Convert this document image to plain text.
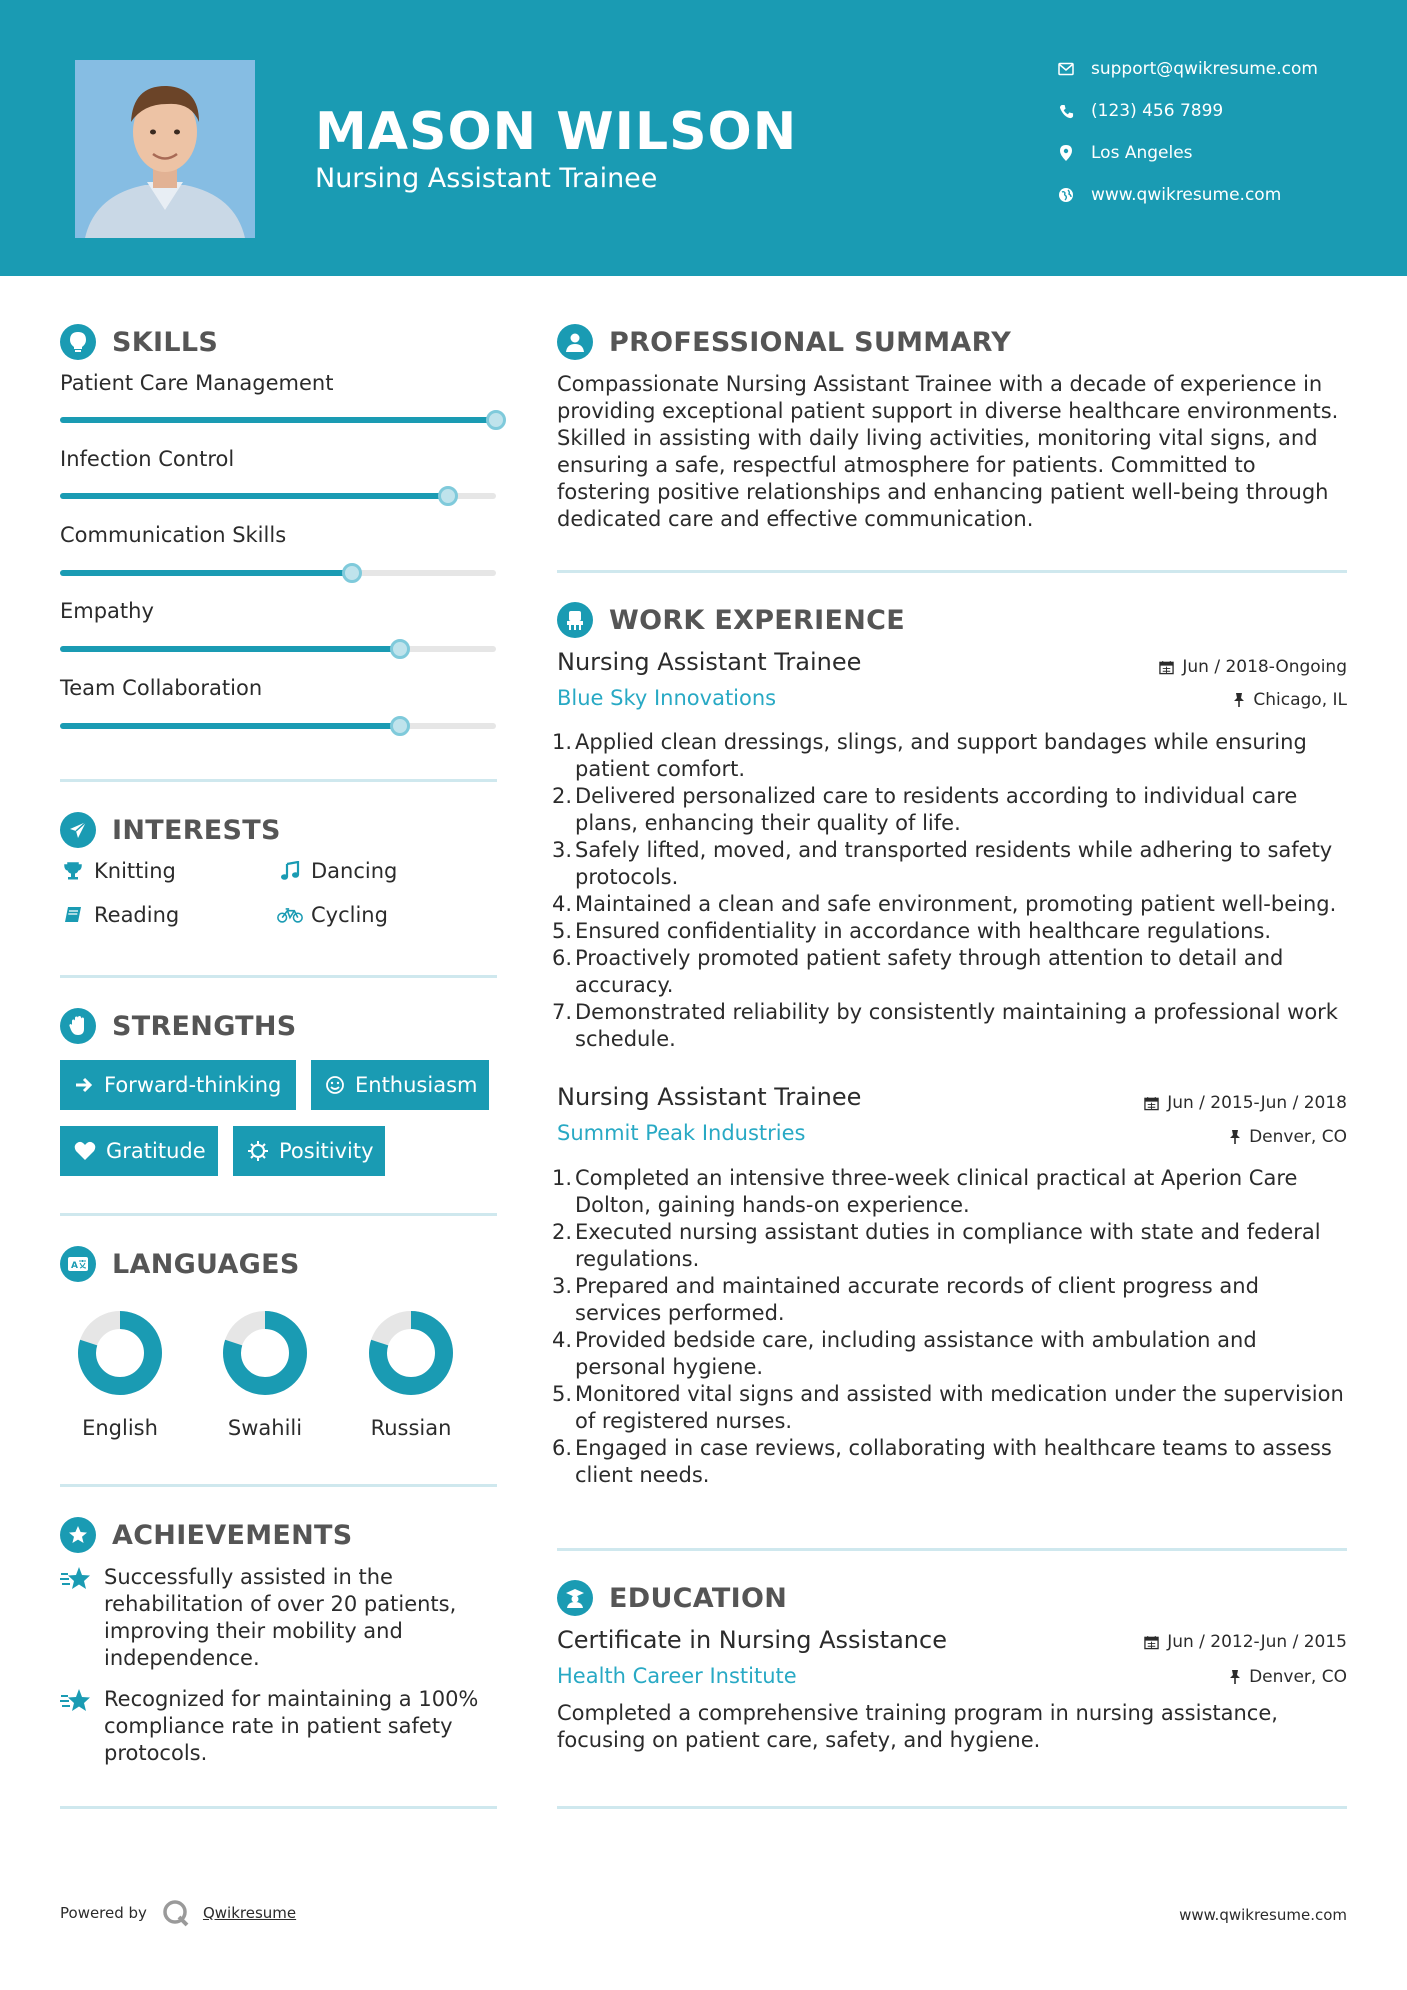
MASON WILSON
Nursing Assistant Trainee
support@qwikresume.com
(123) 456 7899
Los Angeles
www.qwikresume.com
SKILLS
Patient Care Management
Infection Control
Communication Skills
Empathy
Team Collaboration
INTERESTS
Knitting	Dancing
Reading	Cycling
STRENGTHS
Forward-thinking	Enthusiasm
Gratitude	Positivity
A LANGUAGES
English	Swahili	Russian
ACHIEVEMENTS
Successfully assisted in the rehabilitation of over 20 patients, improving their mobility and independence.
Recognized for maintaining a 100% compliance rate in patient safety protocols.
PROFESSIONAL SUMMARY
Compassionate Nursing Assistant Trainee with a decade of experience in providing exceptional patient support in diverse healthcare environments. Skilled in assisting with daily living activities, monitoring vital signs, and ensuring a safe, respectful atmosphere for patients. Committed to fostering positive relationships and enhancing patient well-being through dedicated care and effective communication.
WORK EXPERIENCE
Nursing Assistant Trainee	Jun / 2018-Ongoing
Blue Sky Innovations	Chicago, IL
Applied clean dressings, slings, and support bandages while ensuring patient comfort.
Delivered personalized care to residents according to individual care plans, enhancing their quality of life.
Safely lifted, moved, and transported residents while adhering to safety protocols.
Maintained a clean and safe environment, promoting patient well-being.
Ensured confidentiality in accordance with healthcare regulations.
Proactively promoted patient safety through attention to detail and accuracy.
Demonstrated reliability by consistently maintaining a professional work schedule.
Nursing Assistant Trainee	Jun / 2015-Jun / 2018
Summit Peak Industries	Denver, CO
Completed an intensive three-week clinical practical at Aperion Care Dolton, gaining hands-on experience.
Executed nursing assistant duties in compliance with state and federal regulations.
Prepared and maintained accurate records of client progress and services performed.
Provided bedside care, including assistance with ambulation and personal hygiene.
Monitored vital signs and assisted with medication under the supervision of registered nurses.
Engaged in case reviews, collaborating with healthcare teams to assess client needs.
EDUCATION
Certificate in Nursing Assistance	Jun / 2012-Jun / 2015
Health Career Institute	Denver, CO
Completed a comprehensive training program in nursing assistance, focusing on patient care, safety, and hygiene.
Powered by	Qwikresume	www.qwikresume.com
